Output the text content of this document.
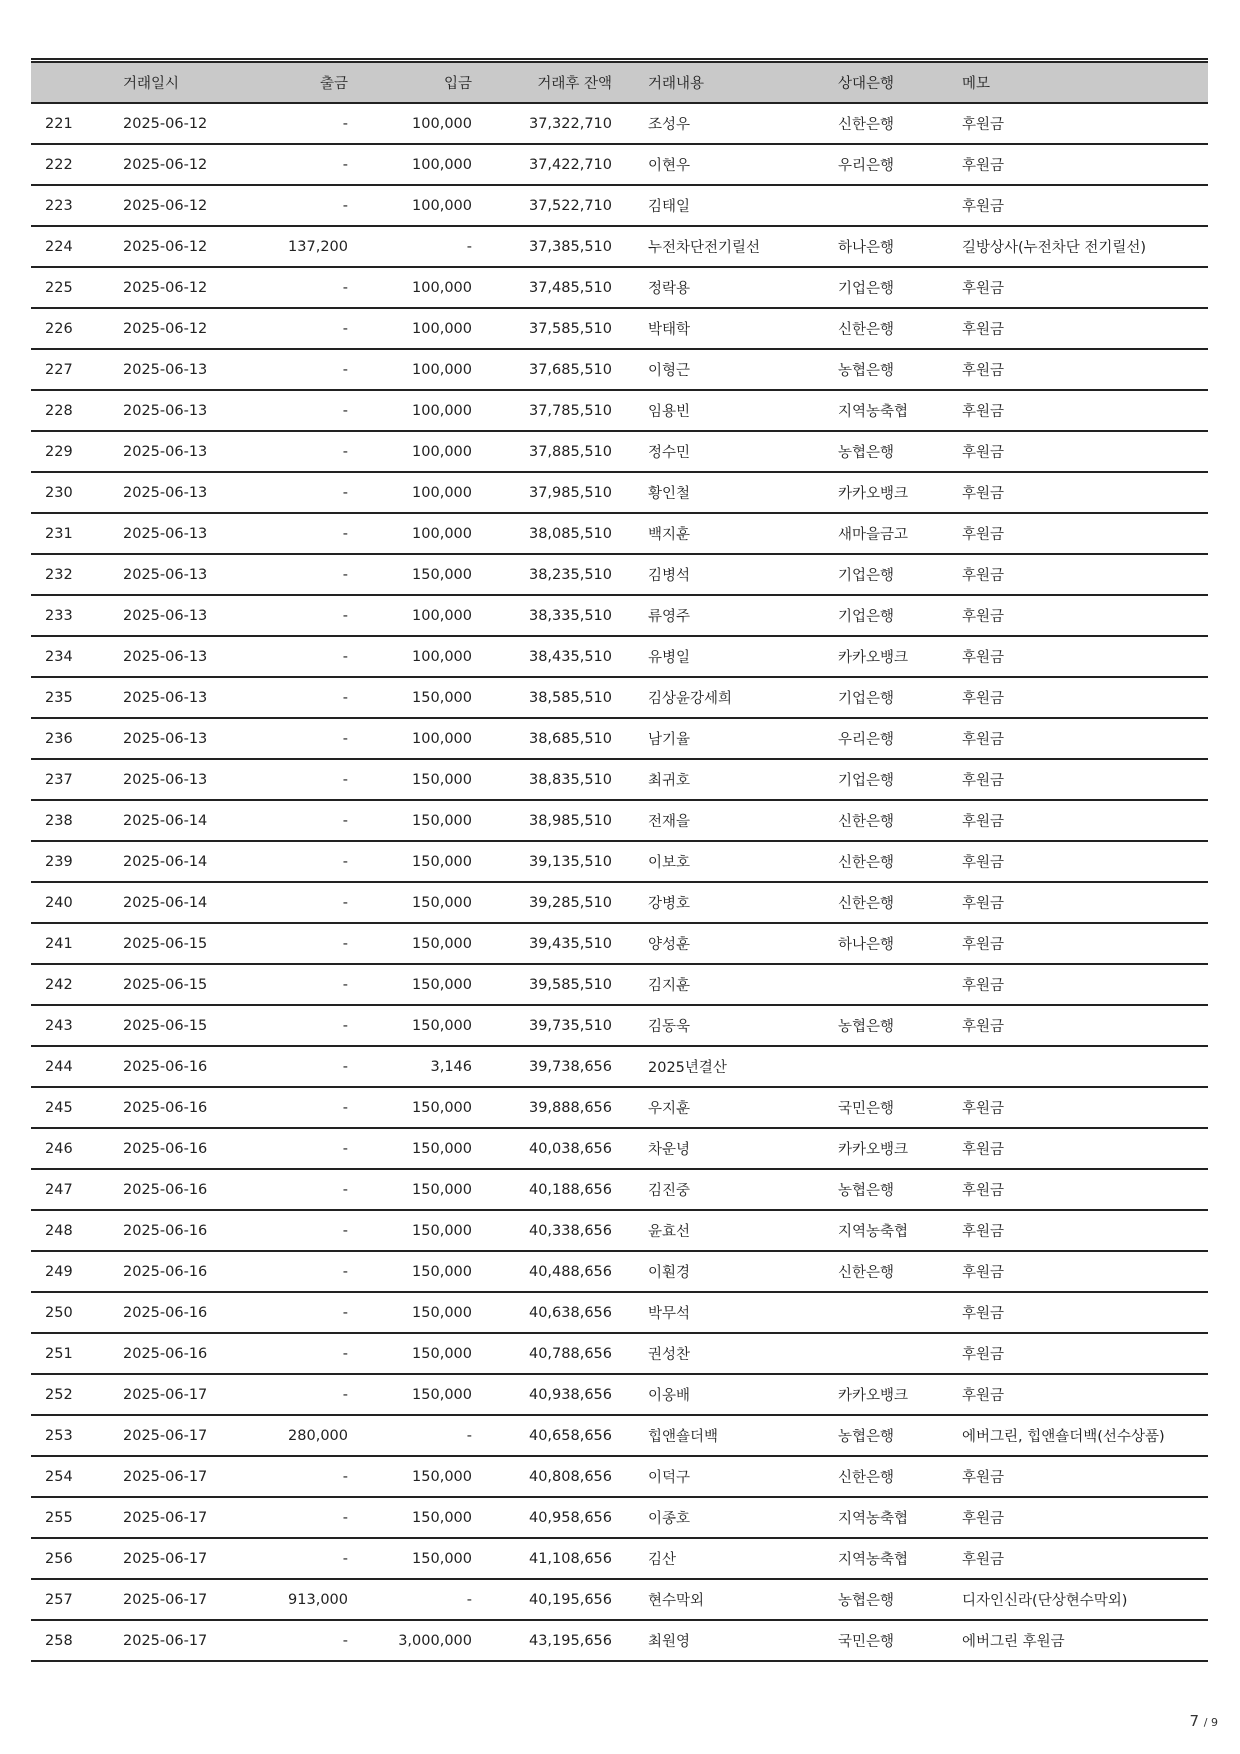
	거래일시	출금	입금	거래후 잔액	거래내용	상대은행	메모
221	2025-06-12	-	100,000	37,322,710	조성우	신한은행	후원금
222	2025-06-12	-	100,000	37,422,710	이현우	우리은행	후원금
223	2025-06-12	-	100,000	37,522,710	김태일		후원금
224	2025-06-12	137,200	-	37,385,510	누전차단전기릴선	하나은행	길방상사(누전차단 전기릴선)
225	2025-06-12	-	100,000	37,485,510	정락용	기업은행	후원금
226	2025-06-12	-	100,000	37,585,510	박태학	신한은행	후원금
227	2025-06-13	-	100,000	37,685,510	이형근	농협은행	후원금
228	2025-06-13	-	100,000	37,785,510	임용빈	지역농축협	후원금
229	2025-06-13	-	100,000	37,885,510	정수민	농협은행	후원금
230	2025-06-13	-	100,000	37,985,510	황인철	카카오뱅크	후원금
231	2025-06-13	-	100,000	38,085,510	백지훈	새마을금고	후원금
232	2025-06-13	-	150,000	38,235,510	김병석	기업은행	후원금
233	2025-06-13	-	100,000	38,335,510	류영주	기업은행	후원금
234	2025-06-13	-	100,000	38,435,510	유병일	카카오뱅크	후원금
235	2025-06-13	-	150,000	38,585,510	김상윤강세희	기업은행	후원금
236	2025-06-13	-	100,000	38,685,510	남기율	우리은행	후원금
237	2025-06-13	-	150,000	38,835,510	최귀호	기업은행	후원금
238	2025-06-14	-	150,000	38,985,510	전재을	신한은행	후원금
239	2025-06-14	-	150,000	39,135,510	이보호	신한은행	후원금
240	2025-06-14	-	150,000	39,285,510	강병호	신한은행	후원금
241	2025-06-15	-	150,000	39,435,510	양성훈	하나은행	후원금
242	2025-06-15	-	150,000	39,585,510	김지훈		후원금
243	2025-06-15	-	150,000	39,735,510	김동욱	농협은행	후원금
244	2025-06-16	-	3,146	39,738,656	2025년결산		
245	2025-06-16	-	150,000	39,888,656	우지훈	국민은행	후원금
246	2025-06-16	-	150,000	40,038,656	차운녕	카카오뱅크	후원금
247	2025-06-16	-	150,000	40,188,656	김진중	농협은행	후원금
248	2025-06-16	-	150,000	40,338,656	윤효선	지역농축협	후원금
249	2025-06-16	-	150,000	40,488,656	이훤경	신한은행	후원금
250	2025-06-16	-	150,000	40,638,656	박무석		후원금
251	2025-06-16	-	150,000	40,788,656	권성찬		후원금
252	2025-06-17	-	150,000	40,938,656	이옹배	카카오뱅크	후원금
253	2025-06-17	280,000	-	40,658,656	힙앤숄더백	농협은행	에버그린, 힙앤숄더백(선수상품)
254	2025-06-17	-	150,000	40,808,656	이덕구	신한은행	후원금
255	2025-06-17	-	150,000	40,958,656	이종호	지역농축협	후원금
256	2025-06-17	-	150,000	41,108,656	김산	지역농축협	후원금
257	2025-06-17	913,000	-	40,195,656	현수막외	농협은행	디자인신라(단상현수막외)
258	2025-06-17	-	3,000,000	43,195,656	최원영	국민은행	에버그린 후원금
7 / 9
